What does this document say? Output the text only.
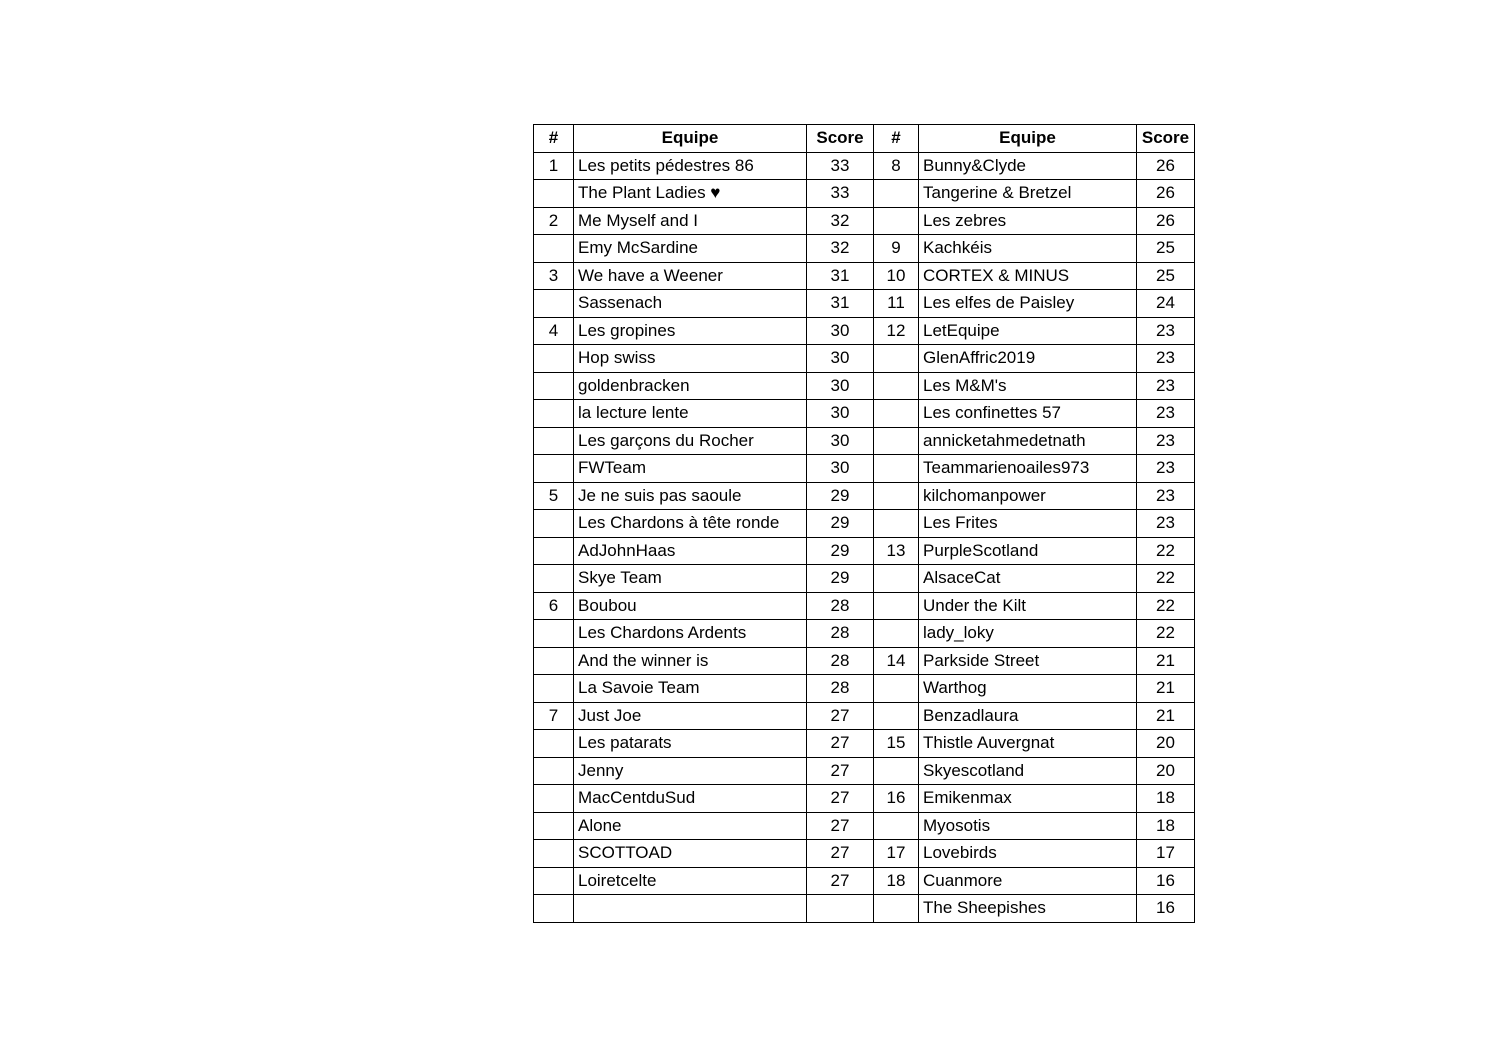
#	Equipe	Score	#	Equipe	Score
1	Les petits pédestres 86	33	8	Bunny&Clyde	26
	The Plant Ladies ♥	33		Tangerine & Bretzel	26
2	Me Myself and I	32		Les zebres	26
	Emy McSardine	32	9	Kachkéis	25
3	We have a Weener	31	10	CORTEX & MINUS	25
	Sassenach	31	11	Les elfes de Paisley	24
4	Les gropines	30	12	LetEquipe	23
	Hop swiss	30		GlenAffric2019	23
	goldenbracken	30		Les M&M's	23
	la lecture lente	30		Les confinettes 57	23
	Les garçons du Rocher	30		annicketahmedetnath	23
	FWTeam	30		Teammarienoailes973	23
5	Je ne suis pas saoule	29		kilchomanpower	23
	Les Chardons à tête ronde	29		Les Frites	23
	AdJohnHaas	29	13	PurpleScotland	22
	Skye Team	29		AlsaceCat	22
6	Boubou	28		Under the Kilt	22
	Les Chardons Ardents	28		lady_loky	22
	And the winner is	28	14	Parkside Street	21
	La Savoie Team	28		Warthog	21
7	Just Joe	27		Benzadlaura	21
	Les patarats	27	15	Thistle Auvergnat	20
	Jenny	27		Skyescotland	20
	MacCentduSud	27	16	Emikenmax	18
	Alone	27		Myosotis	18
	SCOTTOAD	27	17	Lovebirds	17
	Loiretcelte	27	18	Cuanmore	16
				The Sheepishes	16
